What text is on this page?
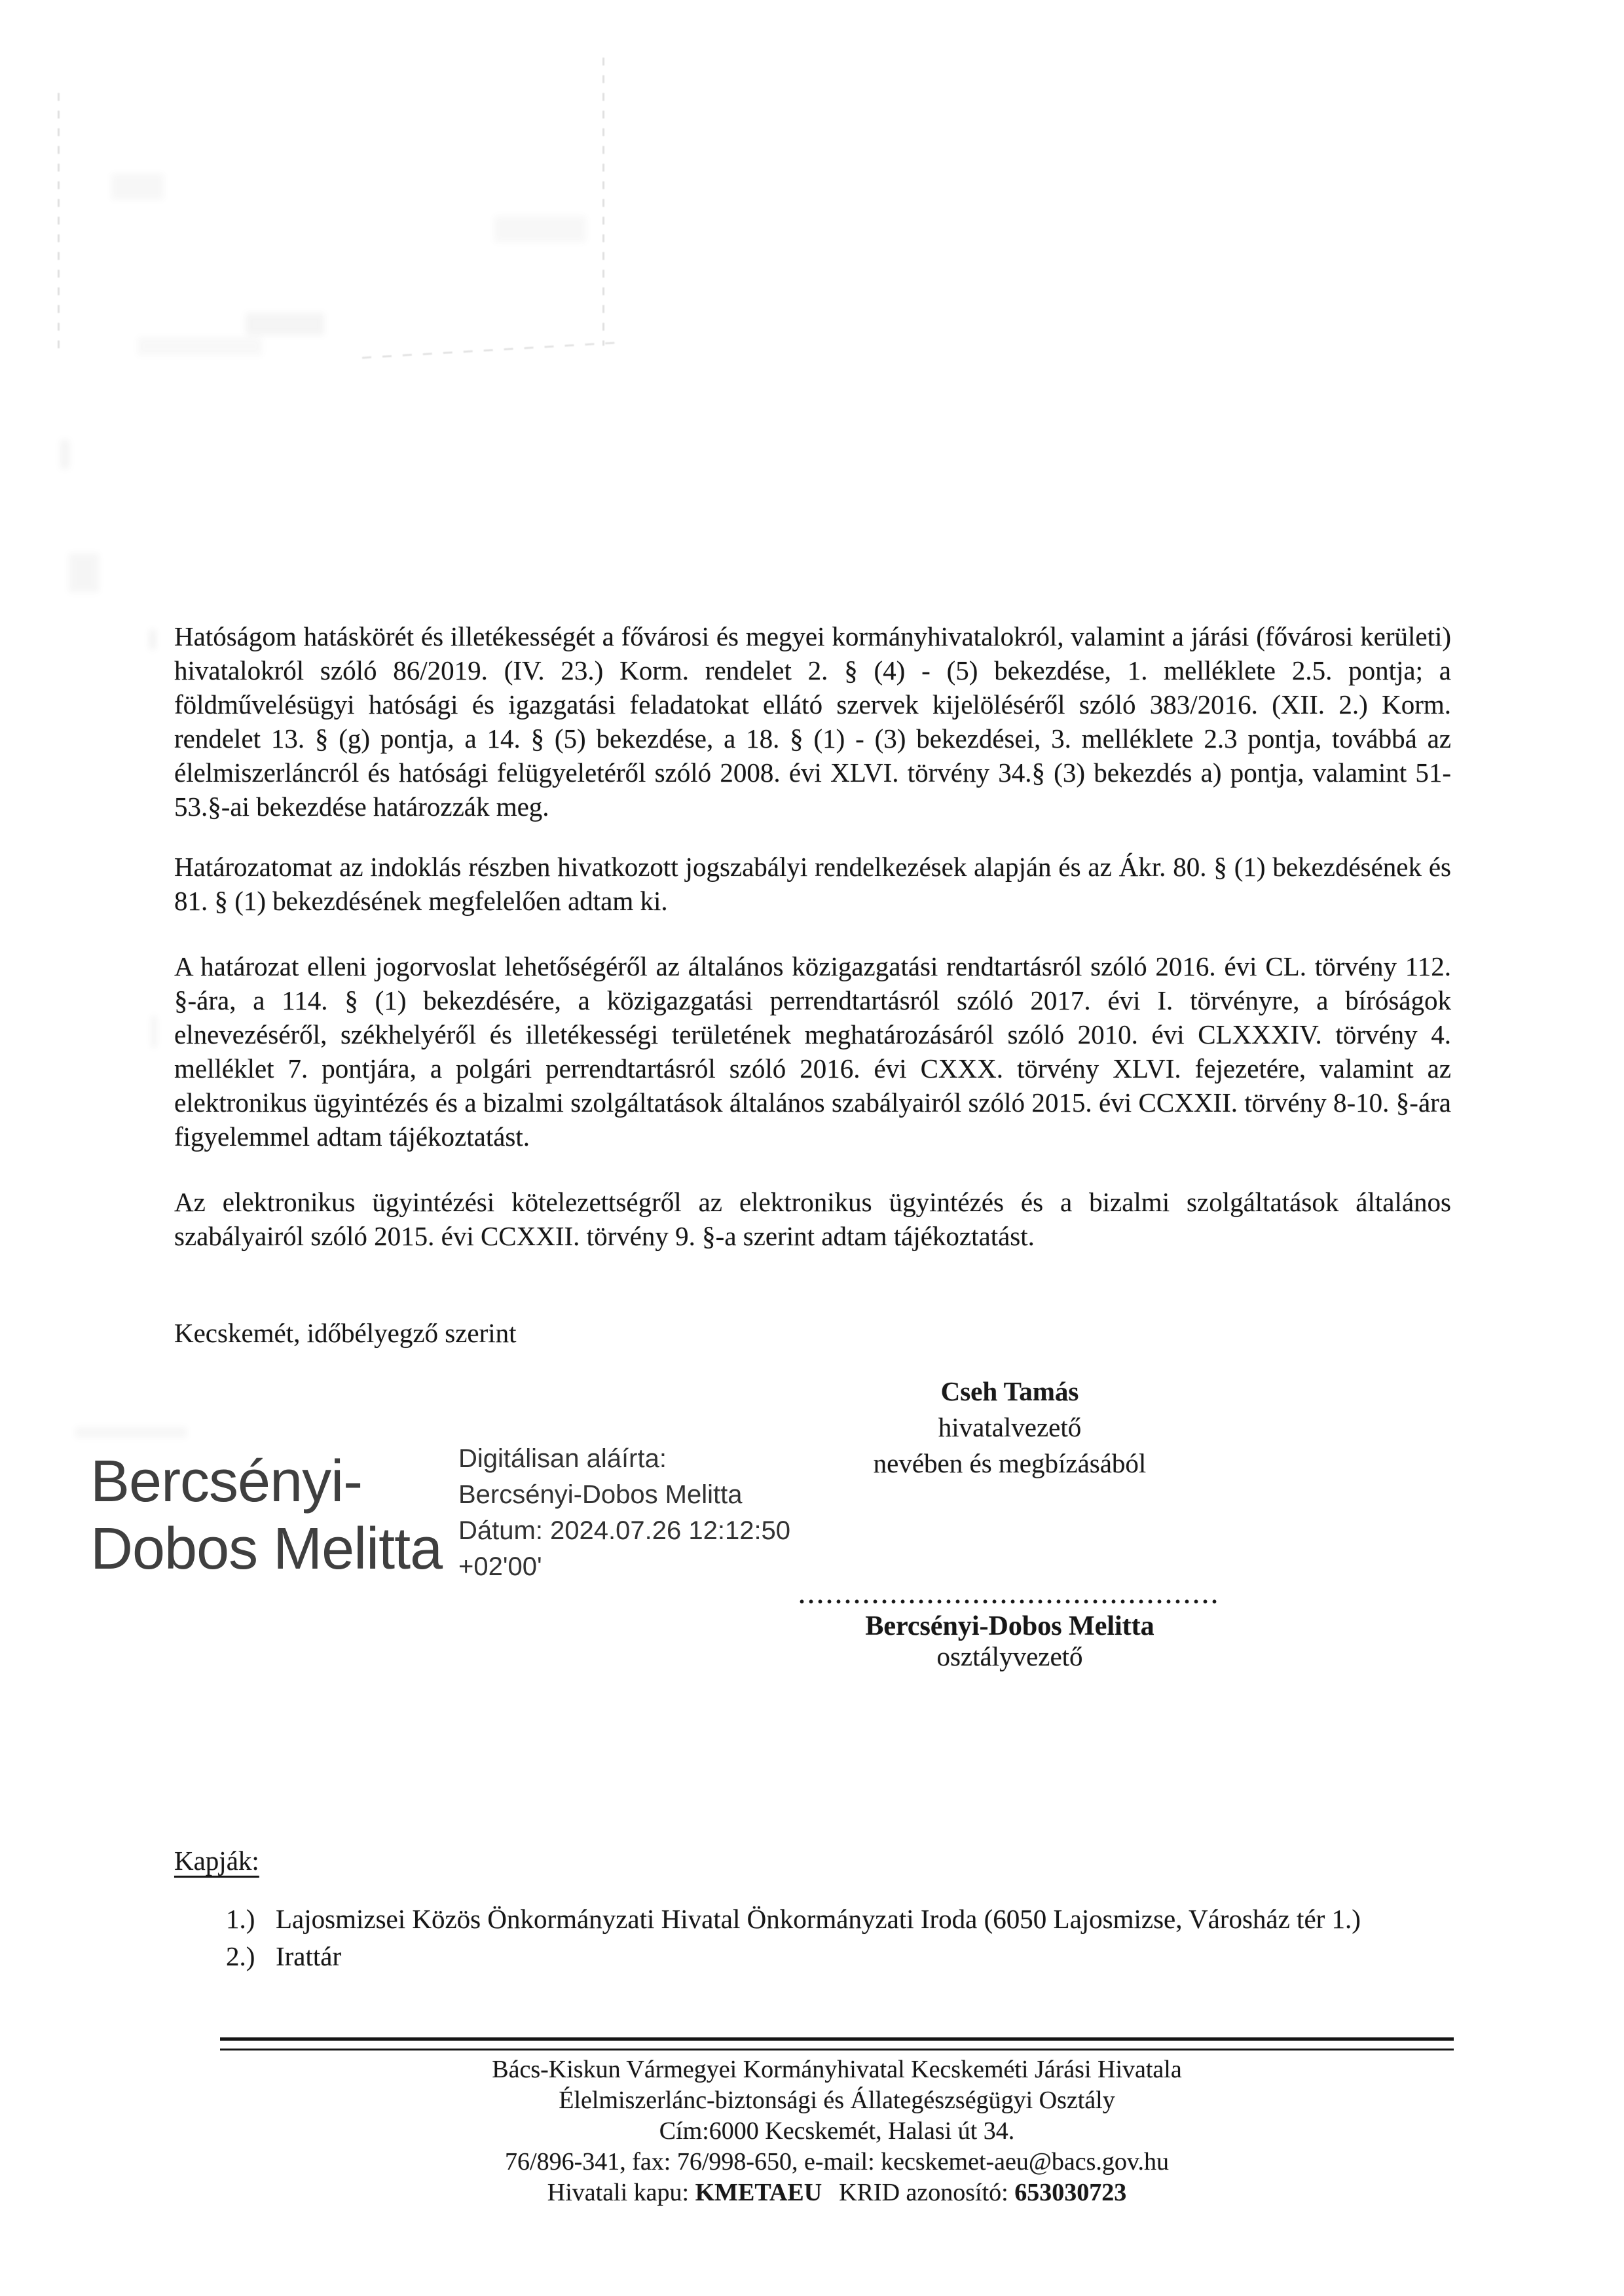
Hatóságom hatáskörét és illetékességét a fővárosi és megyei kormányhivatalokról, valamint a járási (fővárosi kerületi) hivatalokról szóló 86/2019. (IV. 23.) Korm. rendelet 2. § (4) - (5) bekezdése, 1. melléklete 2.5. pontja; a földművelésügyi hatósági és igazgatási feladatokat ellátó szervek kijelöléséről szóló 383/2016. (XII. 2.) Korm. rendelet 13. § (g) pontja, a 14. § (5) bekezdése, a 18. § (1) - (3) bekezdései, 3. melléklete 2.3 pontja, továbbá az élelmiszerláncról és hatósági felügyeletéről szóló 2008. évi XLVI. törvény 34.§ (3) bekezdés a) pontja, valamint 51-53.§-ai bekezdése határozzák meg.

Határozatomat az indoklás részben hivatkozott jogszabályi rendelkezések alapján és az Ákr. 80. § (1) bekezdésének és 81. § (1) bekezdésének megfelelően adtam ki.

A határozat elleni jogorvoslat lehetőségéről az általános közigazgatási rendtartásról szóló 2016. évi CL. törvény 112. §-ára, a 114. § (1) bekezdésére, a közigazgatási perrendtartásról szóló 2017. évi I. törvényre, a bíróságok elnevezéséről, székhelyéről és illetékességi területének meghatározásáról szóló 2010. évi CLXXXIV. törvény 4. melléklet 7. pontjára, a polgári perrendtartásról szóló 2016. évi CXXX. törvény XLVI. fejezetére, valamint az elektronikus ügyintézés és a bizalmi szolgáltatások általános szabályairól szóló 2015. évi CCXXII. törvény 8-10. §-ára figyelemmel adtam tájékoztatást.

Az elektronikus ügyintézési kötelezettségről az elektronikus ügyintézés és a bizalmi szolgáltatások általános szabályairól szóló 2015. évi CCXXII. törvény 9. §-a szerint adtam tájékoztatást.

Kecskemét, időbélyegző szerint
Cseh Tamás
hivatalvezető
nevében és megbízásából
Bercsényi-
Dobos Melitta
Digitálisan aláírta:
Bercsényi-Dobos Melitta
Dátum: 2024.07.26 12:12:50
+02'00'
..............................................
Bercsényi-Dobos Melitta
osztályvezető
Kapják:
1.) Lajosmizsei Közös Önkormányzati Hivatal Önkormányzati Iroda (6050 Lajosmizse, Városház tér 1.)
2.) Irattár
Bács-Kiskun Vármegyei Kormányhivatal Kecskeméti Járási Hivatala
Élelmiszerlánc-biztonsági és Állategészségügyi Osztály
Cím:6000 Kecskemét, Halasi út 34.
76/896-341, fax: 76/998-650, e-mail: kecskemet-aeu@bacs.gov.hu
Hivatali kapu: KMETAEU KRID azonosító: 653030723
